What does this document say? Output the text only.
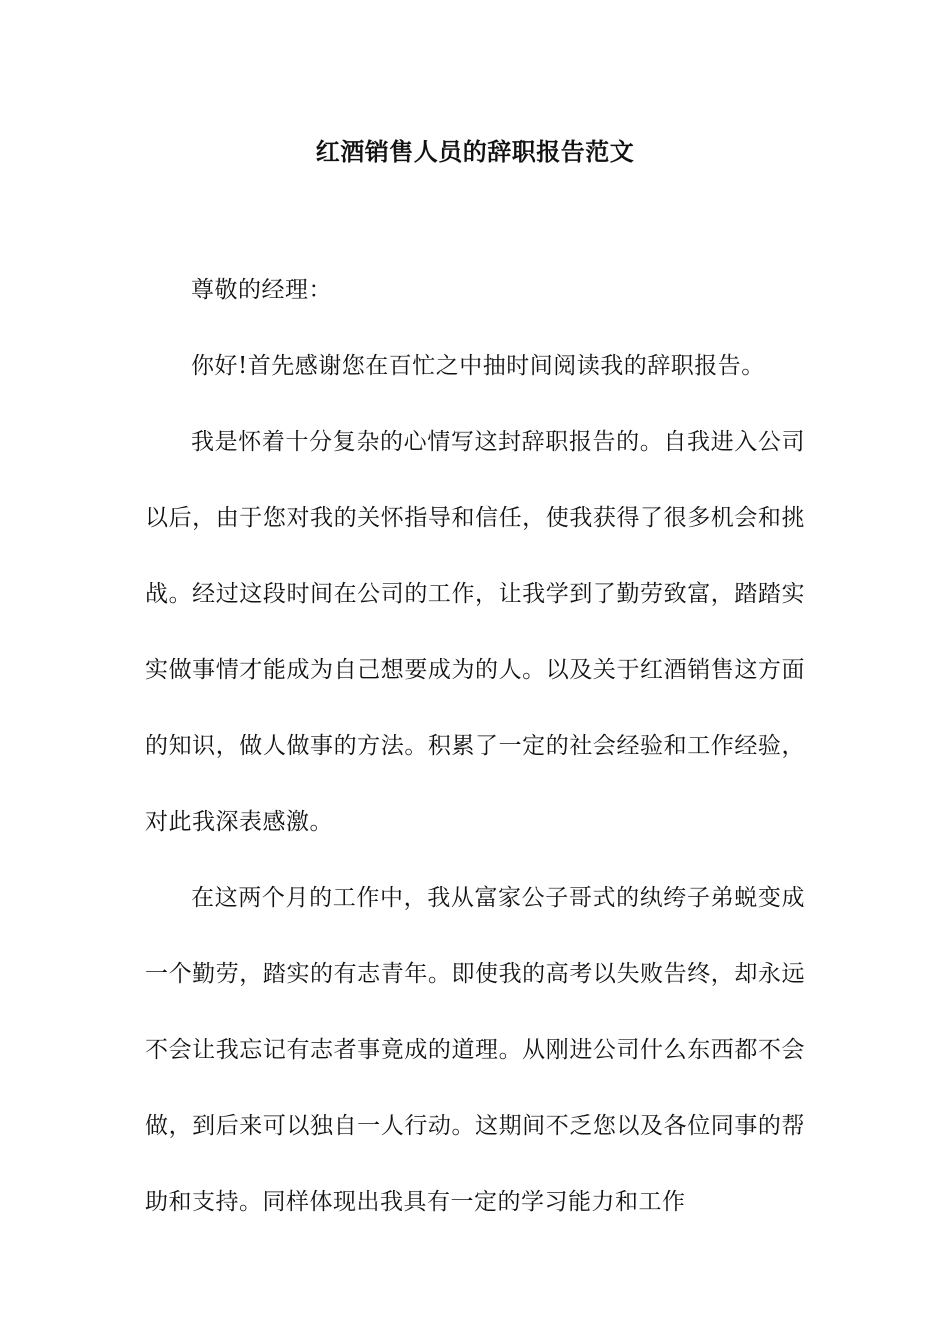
红酒销售人员的辞职报告范文

尊敬的经理：

你好!首先感谢您在百忙之中抽时间阅读我的辞职报告。

我是怀着十分复杂的心情写这封辞职报告的。自我进入公司以后，由于您对我的关怀指导和信任，使我获得了很多机会和挑战。经过这段时间在公司的工作，让我学到了勤劳致富，踏踏实实做事情才能成为自己想要成为的人。以及关于红酒销售这方面的知识，做人做事的方法。积累了一定的社会经验和工作经验，对此我深表感激。

在这两个月的工作中，我从富家公子哥式的纨绔子弟蜕变成一个勤劳，踏实的有志青年。即使我的高考以失败告终，却永远不会让我忘记有志者事竟成的道理。从刚进公司什么东西都不会做，到后来可以独自一人行动。这期间不乏您以及各位同事的帮助和支持。同样体现出我具有一定的学习能力和工作
